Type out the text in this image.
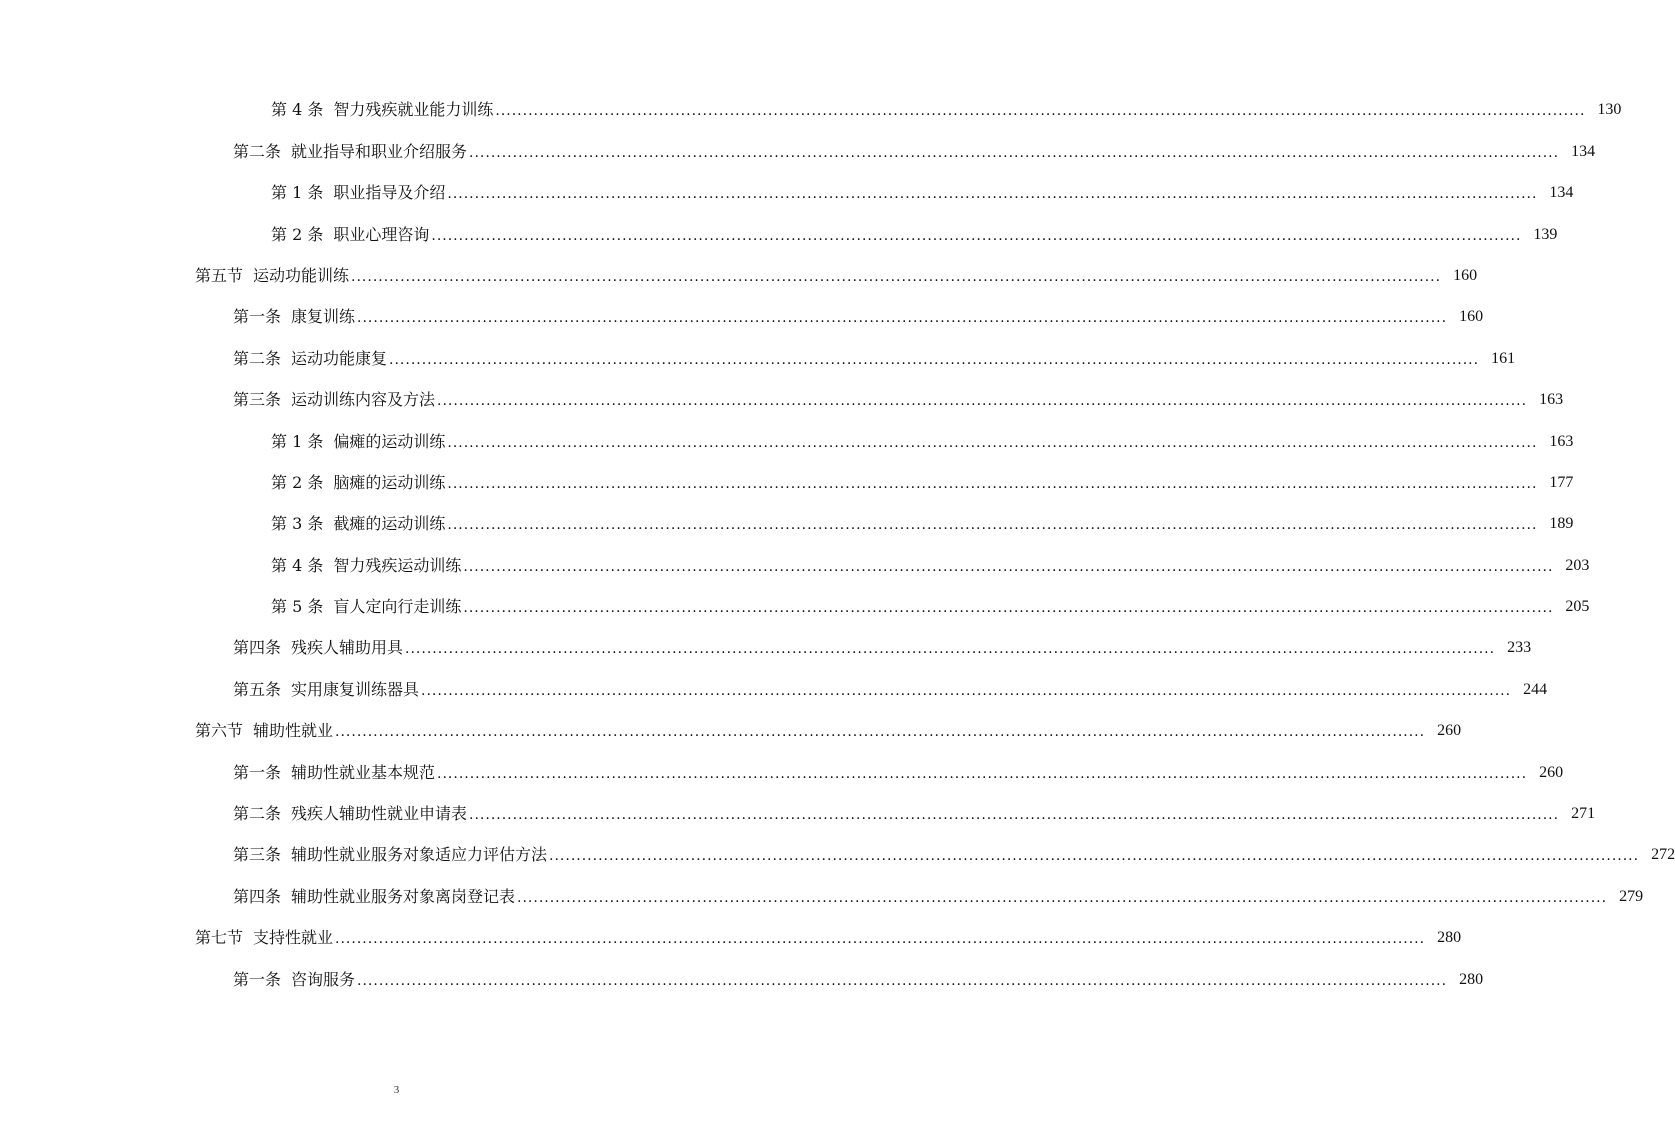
第 4 条 智力残疾就业能力训练 ........................................................................................................................................................................................................ 130
第二条 就业指导和职业介绍服务 ........................................................................................................................................................................................................ 134
第 1 条 职业指导及介绍 ........................................................................................................................................................................................................ 134
第 2 条 职业心理咨询 ........................................................................................................................................................................................................ 139
第五节 运动功能训练 ........................................................................................................................................................................................................ 160
第一条 康复训练 ........................................................................................................................................................................................................ 160
第二条 运动功能康复 ........................................................................................................................................................................................................ 161
第三条 运动训练内容及方法 ........................................................................................................................................................................................................ 163
第 1 条 偏瘫的运动训练 ........................................................................................................................................................................................................ 163
第 2 条 脑瘫的运动训练 ........................................................................................................................................................................................................ 177
第 3 条 截瘫的运动训练 ........................................................................................................................................................................................................ 189
第 4 条 智力残疾运动训练 ........................................................................................................................................................................................................ 203
第 5 条 盲人定向行走训练 ........................................................................................................................................................................................................ 205
第四条 残疾人辅助用具 ........................................................................................................................................................................................................ 233
第五条 实用康复训练器具 ........................................................................................................................................................................................................ 244
第六节 辅助性就业 ........................................................................................................................................................................................................ 260
第一条 辅助性就业基本规范 ........................................................................................................................................................................................................ 260
第二条 残疾人辅助性就业申请表 ........................................................................................................................................................................................................ 271
第三条 辅助性就业服务对象适应力评估方法 ........................................................................................................................................................................................................ 272
第四条 辅助性就业服务对象离岗登记表 ........................................................................................................................................................................................................ 279
第七节 支持性就业 ........................................................................................................................................................................................................ 280
第一条 咨询服务 ........................................................................................................................................................................................................ 280
3
